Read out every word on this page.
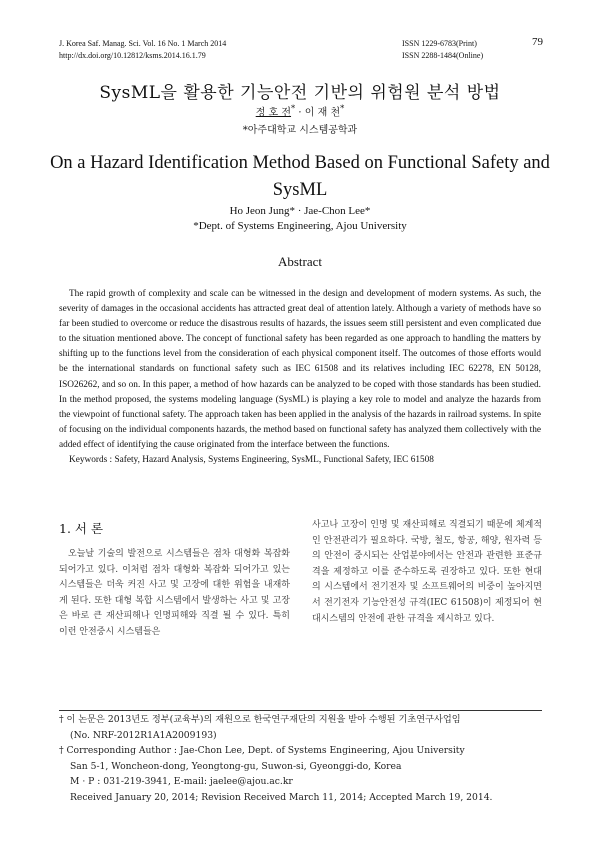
J. Korea Saf. Manag. Sci. Vol. 16 No. 1 March 2014
http://dx.doi.org/10.12812/ksms.2014.16.1.79
ISSN 1229-6783(Print)
ISSN 2288-1484(Online)
79
SysML을 활용한 기능안전 기반의 위험원 분석 방법
정 호 전* · 이 재 천*
*아주대학교 시스템공학과
On a Hazard Identification Method Based on Functional Safety and SysML
Ho Jeon Jung* · Jae-Chon Lee*
*Dept. of Systems Engineering, Ajou University
Abstract

The rapid growth of complexity and scale can be witnessed in the design and development of modern systems. As such, the severity of damages in the occasional accidents has attracted great deal of attention lately. Although a variety of methods have so far been studied to overcome or reduce the disastrous results of hazards, the issues seem still persistent and even complicated due to the situation mentioned above. The concept of functional safety has been regarded as one approach to handling the matters by shifting up to the functions level from the consideration of each physical component itself. The outcomes of those efforts would be the international standards on functional safety such as IEC 61508 and its relatives including IEC 62278, EN 50128, ISO26262, and so on. In this paper, a method of how hazards can be analyzed to be coped with those standards has been studied. In the method proposed, the systems modeling language (SysML) is playing a key role to model and analyze the hazards from the viewpoint of functional safety. The approach taken has been applied in the analysis of the hazards in railroad systems. In spite of focusing on the individual components hazards, the method based on functional safety has analyzed them collectively with the added effect of identifying the cause originated from the interface between the functions.

Keywords : Safety, Hazard Analysis, Systems Engineering, SysML, Functional Safety, IEC 61508

1. 서 론

오늘날 기술의 발전으로 시스템들은 점차 대형화 복잡화 되어가고 있다. 이처럼 점차 대형화 복잡화 되어가고 있는 시스템들은 더욱 커진 사고 및 고장에 대한 위험을 내재하게 된다. 또한 대형 복합 시스템에서 발생하는 사고 및 고장은 바로 큰 재산피해나 인명피해와 직결 될 수 있다. 특히 이런 안전중시 시스템들은

사고나 고장이 인명 및 재산피해로 직결되기 때문에 체계적인 안전관리가 필요하다. 국방, 철도, 항공, 해양, 원자력 등의 안전이 중시되는 산업분야에서는 안전과 관련한 표준규격을 제정하고 이를 준수하도록 권장하고 있다. 또한 현대의 시스템에서 전기전자 및 소프트웨어의 비중이 높아지면서 전기전자 기능안전성 규격(IEC 61508)이 제정되어 현대시스템의 안전에 관한 규격을 제시하고 있다.

† 이 논문은 2013년도 정부(교육부)의 재원으로 한국연구재단의 지원을 받아 수행된 기초연구사업임

(No. NRF-2012R1A1A2009193)

† Corresponding Author : Jae-Chon Lee, Dept. of Systems Engineering, Ajou University

San 5-1, Woncheon-dong, Yeongtong-gu, Suwon-si, Gyeonggi-do, Korea

M · P : 031-219-3941, E-mail: jaelee@ajou.ac.kr

Received January 20, 2014; Revision Received March 11, 2014; Accepted March 19, 2014.
